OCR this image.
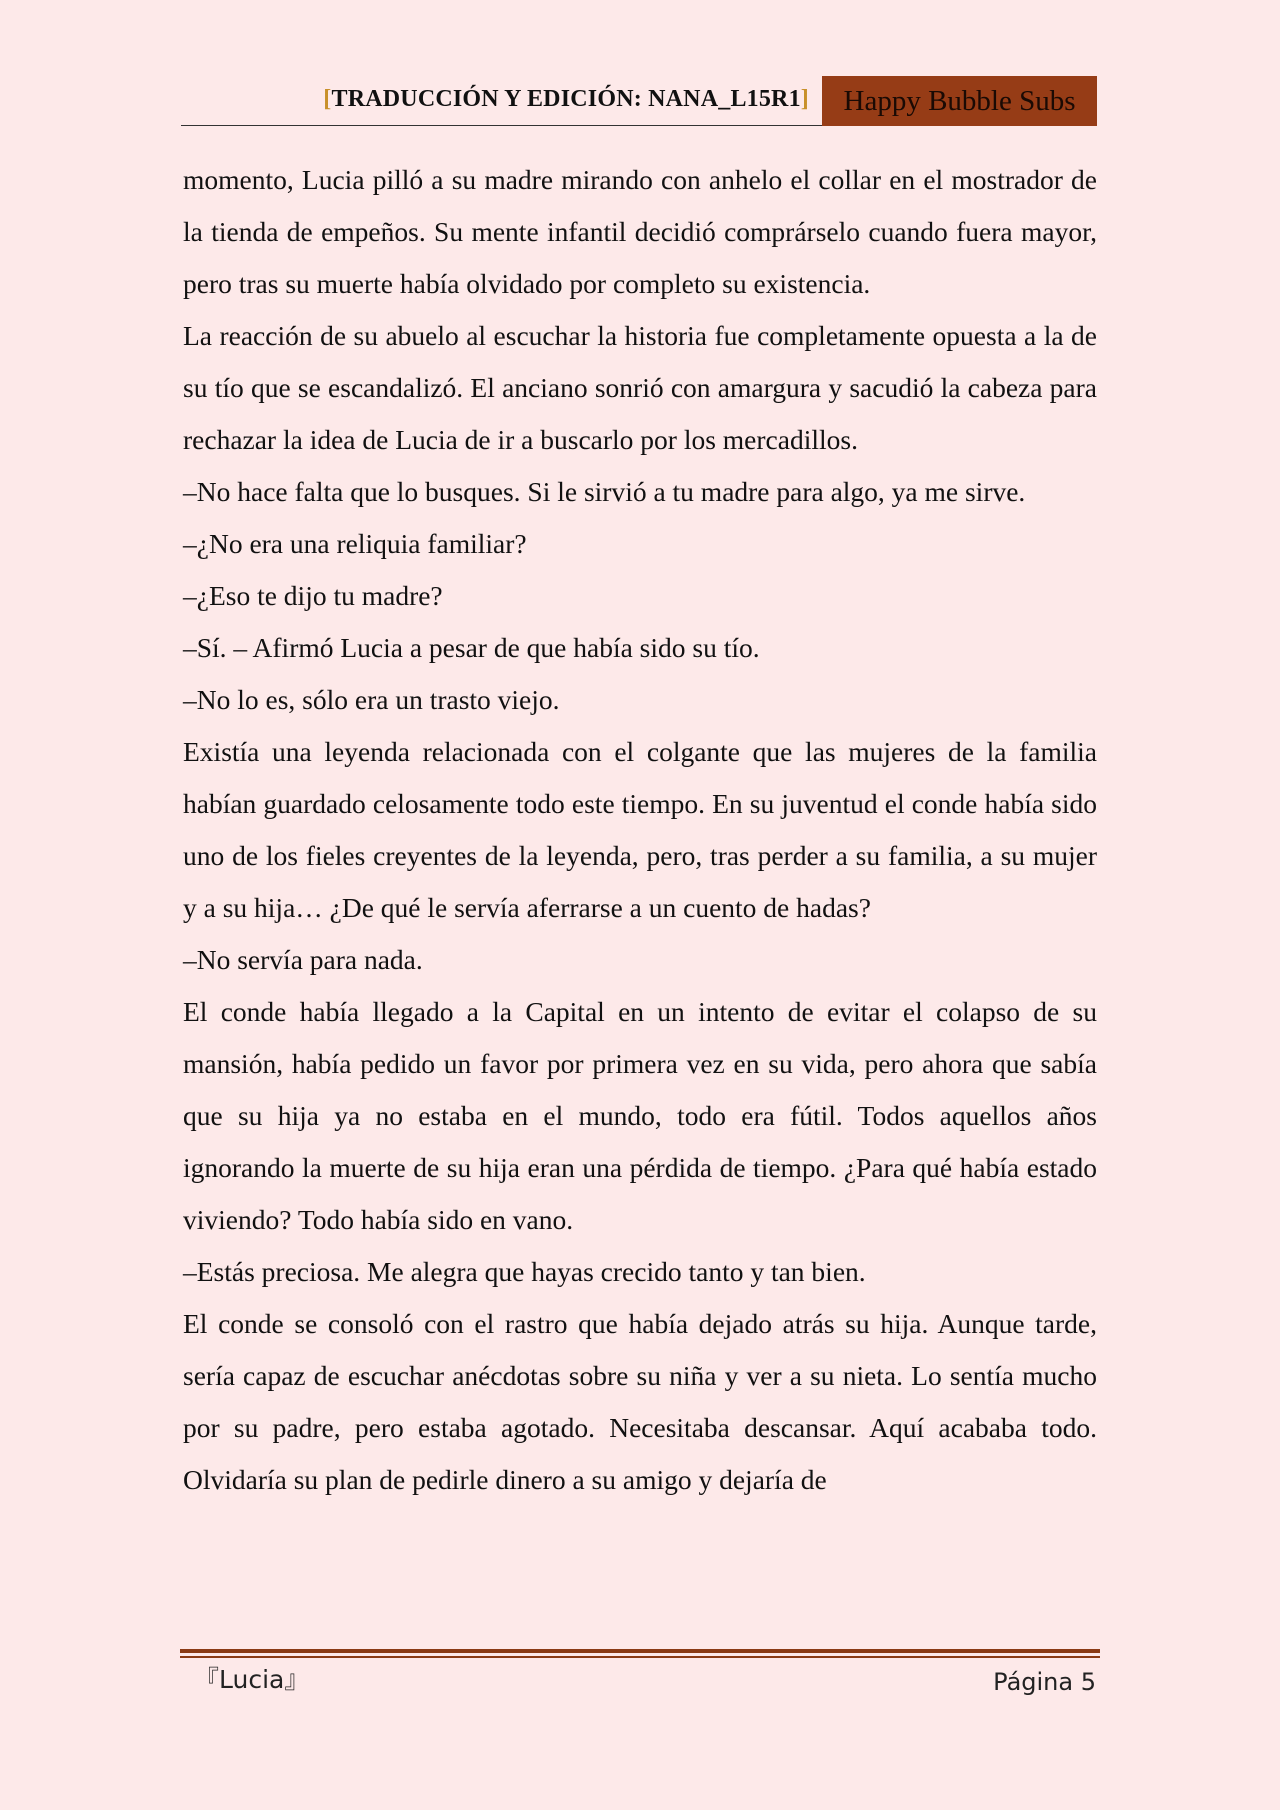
[TRADUCCIÓN Y EDICIÓN: NANA_L15R1]	Happy Bubble Subs

momento, Lucia pilló a su madre mirando con anhelo el collar en el mostrador de la tienda de empeños. Su mente infantil decidió comprárselo cuando fuera mayor, pero tras su muerte había olvidado por completo su existencia.

La reacción de su abuelo al escuchar la historia fue completamente opuesta a la de su tío que se escandalizó. El anciano sonrió con amargura y sacudió la cabeza para rechazar la idea de Lucia de ir a buscarlo por los mercadillos.

–No hace falta que lo busques. Si le sirvió a tu madre para algo, ya me sirve.

–¿No era una reliquia familiar?

–¿Eso te dijo tu madre?

–Sí. – Afirmó Lucia a pesar de que había sido su tío.

–No lo es, sólo era un trasto viejo.

Existía una leyenda relacionada con el colgante que las mujeres de la familia habían guardado celosamente todo este tiempo. En su juventud el conde había sido uno de los fieles creyentes de la leyenda, pero, tras perder a su familia, a su mujer y a su hija… ¿De qué le servía aferrarse a un cuento de hadas?

–No servía para nada.

El conde había llegado a la Capital en un intento de evitar el colapso de su mansión, había pedido un favor por primera vez en su vida, pero ahora que sabía que su hija ya no estaba en el mundo, todo era fútil. Todos aquellos años ignorando la muerte de su hija eran una pérdida de tiempo. ¿Para qué había estado viviendo? Todo había sido en vano.

–Estás preciosa. Me alegra que hayas crecido tanto y tan bien.

El conde se consoló con el rastro que había dejado atrás su hija. Aunque tarde, sería capaz de escuchar anécdotas sobre su niña y ver a su nieta. Lo sentía mucho por su padre, pero estaba agotado. Necesitaba descansar. Aquí acababa todo. Olvidaría su plan de pedirle dinero a su amigo y dejaría de

『Lucia』	Página 5
